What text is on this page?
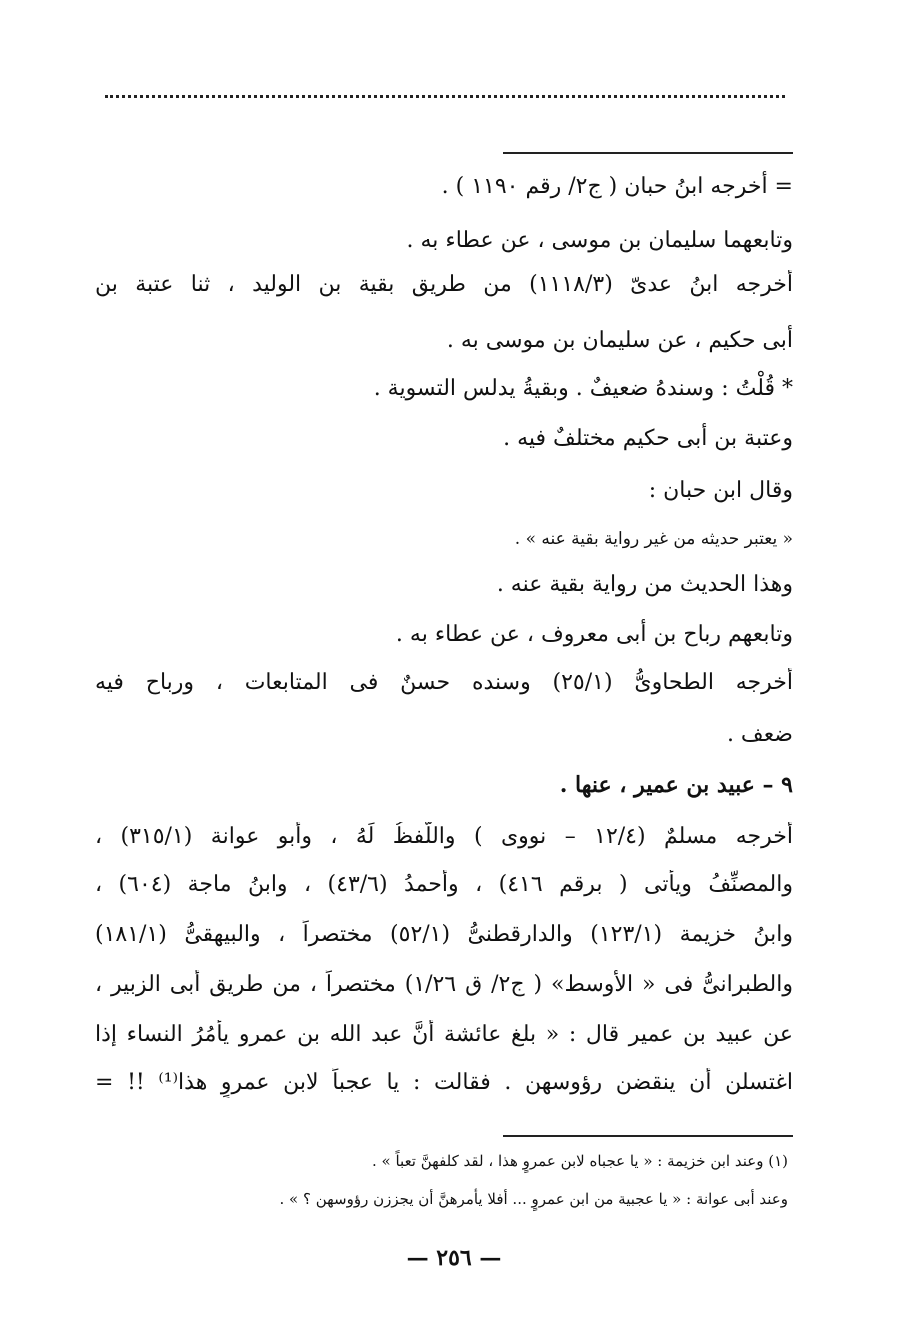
= أخرجه ابنُ حبان ( ج٢/ رقم ١١٩٠ ) .
وتابعهما سليمان بن موسى ، عن عطاء به .
أخرجه ابنُ عدىّ (١١١٨/٣) من طريق بقية بن الوليد ، ثنا عتبة بن
أبى حكيم ، عن سليمان بن موسى به .
* قُلْتُ : وسندهُ ضعيفٌ . وبقيةُ يدلس التسوية .
وعتبة بن أبى حكيم مختلفٌ فيه .
وقال ابن حبان :
« يعتبر حديثه من غير رواية بقية عنه » .
وهذا الحديث من رواية بقية عنه .
وتابعهم رباح بن أبى معروف ، عن عطاء به .
أخرجه الطحاوىُّ (٢٥/١) وسنده حسنٌ فى المتابعات ، ورباح فيه
ضعف .
٩ – عبيد بن عمير ، عنها .
أخرجه مسلمٌ (١٢/٤ – نووى ) واللَّفظُ لَهُ ، وأبو عوانة (٣١٥/١) ،
والمصنِّفُ ويأتى ( برقم ٤١٦) ، وأحمدُ (٤٣/٦) ، وابنُ ماجة (٦٠٤) ،
وابنُ خزيمة (١٢٣/١) والدارقطنىُّ (٥٢/١) مختصراً ، والبيهقىُّ (١٨١/١)
والطبرانىُّ فى « الأوسط» ( ج٢/ ق ١/٢٦) مختصراً ، من طريق أبى الزبير ،
عن عبيد بن عمير قال : « بلغ عائشة أنَّ عبد الله بن عمرو يأمُرُ النساء إذا
اغتسلن أن ينقضن رؤوسهن . فقالت : يا عجباً لابن عمروٍ هذا⁽¹⁾ !! =
(١) وعند ابن خزيمة : « يا عجباه لابن عمروٍ هذا ، لقد كلفهنَّ تعباً » .
وعند أبى عوانة : « يا عجبية من ابن عمروٍ ... أفلا يأمرهنَّ أن يجززن رؤوسهن ؟ » .
— ٢٥٦ —
